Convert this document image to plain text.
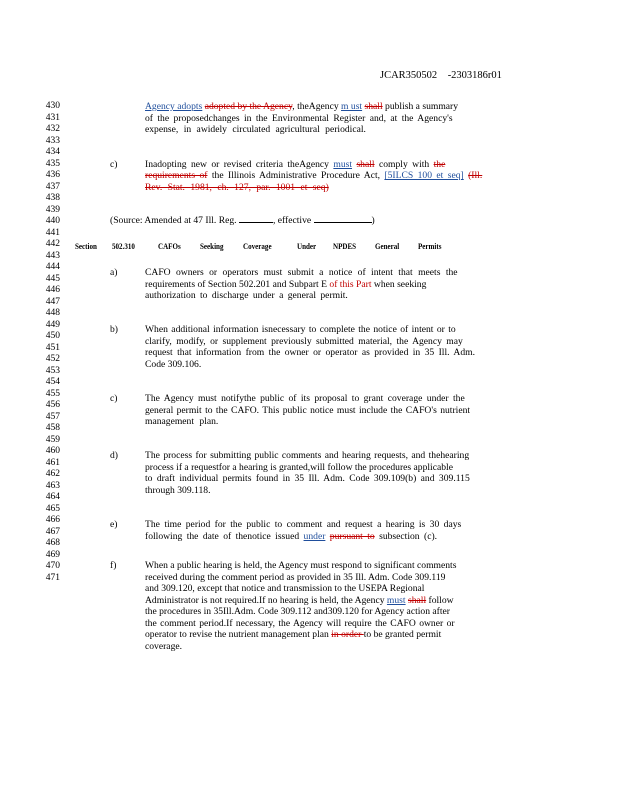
JCAR350502 -2303186r01
430
431
432
433
434
435
436
437
438
439
440
441
442
443
444
445
446
447
448
449
450
451
452
453
454
455
456
457
458
459
460
461
462
463
464
465
466
467
468
469
470
471
Agency adopts adopted by the Agency, theAgency m ust shall publish a summary
of the proposedchanges in the Environmental Register and, at the Agency's
expense, in awidely circulated agricultural periodical.
c)	Inadopting new or revised criteria theAgency must shall comply with the
requirements of the Illinois Administrative Procedure Act, [5ILCS 100 et seq] (Ill.
Rev. Stat. 1981, ch. 127, par. 1001 et seq)
(Source: Amended at 47 Ill. Reg.	, effective	)
Section 502.310	CAFOs Seeking Coverage	Under NPDES General Permits
a)	CAFO owners or operators must submit a notice of intent that meets the
requirements of Section 502.201 and Subpart E of this Part when seeking
authorization to discharge under a general permit.
b)	When additional information isnecessary to complete the notice of intent or to
clarify, modify, or supplement previously submitted material, the Agency may
request that information from the owner or operator as provided in 35 Ill. Adm.
Code 309.106.
c)	The Agency must notifythe public of its proposal to grant coverage under the
general permit to the CAFO. This public notice must include the CAFO's nutrient
management plan.
d)	The process for submitting public comments and hearing requests, and thehearing
process if a requestfor a hearing is granted,will follow the procedures applicable
to draft individual permits found in 35 Ill. Adm. Code 309.109(b) and 309.115
through 309.118.
e)	The time period for the public to comment and request a hearing is 30 days
following the date of thenotice issued under pursuant to subsection (c).
f)	When a public hearing is held, the Agency must respond to significant comments
received during the comment period as provided in 35 Ill. Adm. Code 309.119
and 309.120, except that notice and transmission to the USEPA Regional
Administrator is not required.If no hearing is held, the Agency must shall follow
the procedures in 35Ill.Adm. Code 309.112 and309.120 for Agency action after
the comment period.If necessary, the Agency will require the CAFO owner or
operator to revise the nutrient management plan in order to be granted permit
coverage.
